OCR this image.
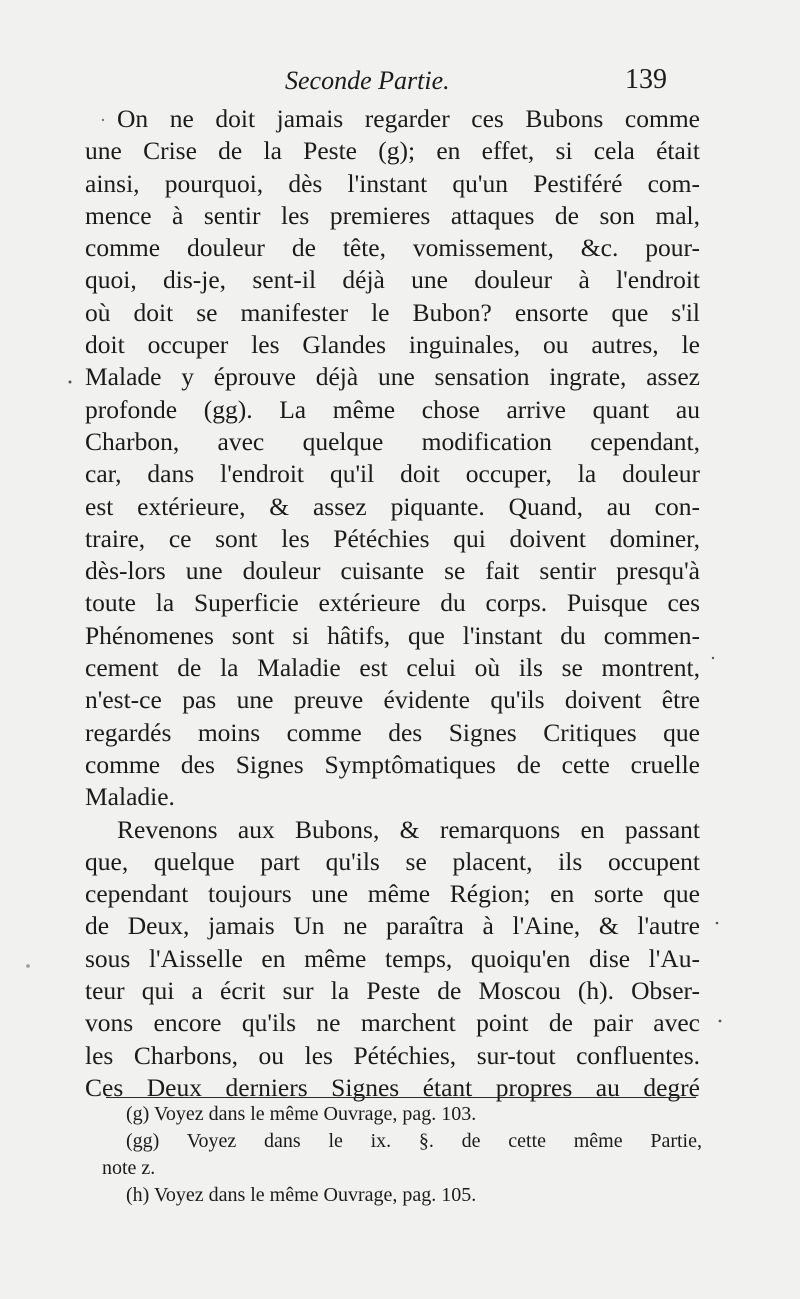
Seconde Partie.	139
On ne doit jamais regarder ces Bubons comme
une Crise de la Peste (g); en effet, si cela était
ainsi, pourquoi, dès l'instant qu'un Pestiféré com-
mence à sentir les premieres attaques de son mal,
comme douleur de tête, vomissement, &c. pour-
quoi, dis-je, sent-il déjà une douleur à l'endroit
où doit se manifester le Bubon? ensorte que s'il
doit occuper les Glandes inguinales, ou autres, le
Malade y éprouve déjà une sensation ingrate, assez
profonde (gg). La même chose arrive quant au
Charbon, avec quelque modification cependant,
car, dans l'endroit qu'il doit occuper, la douleur
est extérieure, & assez piquante. Quand, au con-
traire, ce sont les Pétéchies qui doivent dominer,
dès-lors une douleur cuisante se fait sentir presqu'à
toute la Superficie extérieure du corps. Puisque ces
Phénomenes sont si hâtifs, que l'instant du commen-
cement de la Maladie est celui où ils se montrent,
n'est-ce pas une preuve évidente qu'ils doivent être
regardés moins comme des Signes Critiques que
comme des Signes Symptômatiques de cette cruelle
Maladie.
Revenons aux Bubons, & remarquons en passant
que, quelque part qu'ils se placent, ils occupent
cependant toujours une même Région; en sorte que
de Deux, jamais Un ne paraîtra à l'Aine, & l'autre
sous l'Aisselle en même temps, quoiqu'en dise l'Au-
teur qui a écrit sur la Peste de Moscou (h). Obser-
vons encore qu'ils ne marchent point de pair avec
les Charbons, ou les Pétéchies, sur-tout confluentes.
Ces Deux derniers Signes étant propres au degré
(g) Voyez dans le même Ouvrage, pag. 103.
(gg) Voyez dans le ix. §. de cette même Partie,
note z.
(h) Voyez dans le même Ouvrage, pag. 105.
